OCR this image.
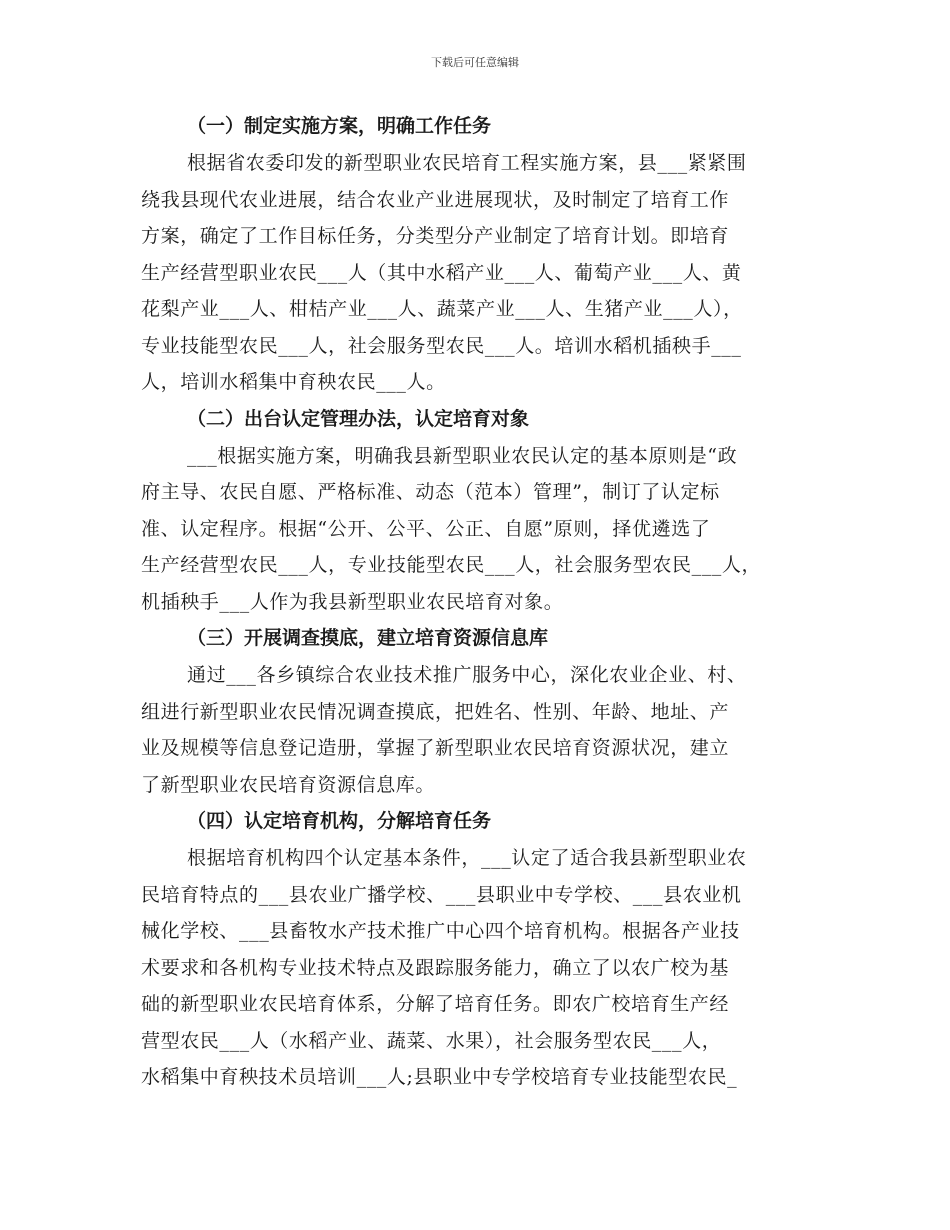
下载后可任意编辑
（一）制定实施方案，明确工作任务
根据省农委印发的新型职业农民培育工程实施方案，县___紧紧围
绕我县现代农业进展，结合农业产业进展现状，及时制定了培育工作
方案，确定了工作目标任务，分类型分产业制定了培育计划。即培育
生产经营型职业农民___人（其中水稻产业___人、葡萄产业___人、黄
花梨产业___人、柑桔产业___人、蔬菜产业___人、生猪产业___人），
专业技能型农民___人，社会服务型农民___人。培训水稻机插秧手___
人，培训水稻集中育秧农民___人。
（二）出台认定管理办法，认定培育对象
___根据实施方案，明确我县新型职业农民认定的基本原则是“政
府主导、农民自愿、严格标准、动态（范本）管理”，制订了认定标
准、认定程序。根据“公开、公平、公正、自愿”原则，择优遴选了
生产经营型农民___人，专业技能型农民___人，社会服务型农民___人，
机插秧手___人作为我县新型职业农民培育对象。
（三）开展调查摸底，建立培育资源信息库
通过___各乡镇综合农业技术推广服务中心，深化农业企业、村、
组进行新型职业农民情况调查摸底，把姓名、性别、年龄、地址、产
业及规模等信息登记造册，掌握了新型职业农民培育资源状况，建立
了新型职业农民培育资源信息库。
（四）认定培育机构，分解培育任务
根据培育机构四个认定基本条件，___认定了适合我县新型职业农
民培育特点的___县农业广播学校、___县职业中专学校、___县农业机
械化学校、___县畜牧水产技术推广中心四个培育机构。根据各产业技
术要求和各机构专业技术特点及跟踪服务能力，确立了以农广校为基
础的新型职业农民培育体系，分解了培育任务。即农广校培育生产经
营型农民___人（水稻产业、蔬菜、水果），社会服务型农民___人，
水稻集中育秧技术员培训___人;县职业中专学校培育专业技能型农民_
